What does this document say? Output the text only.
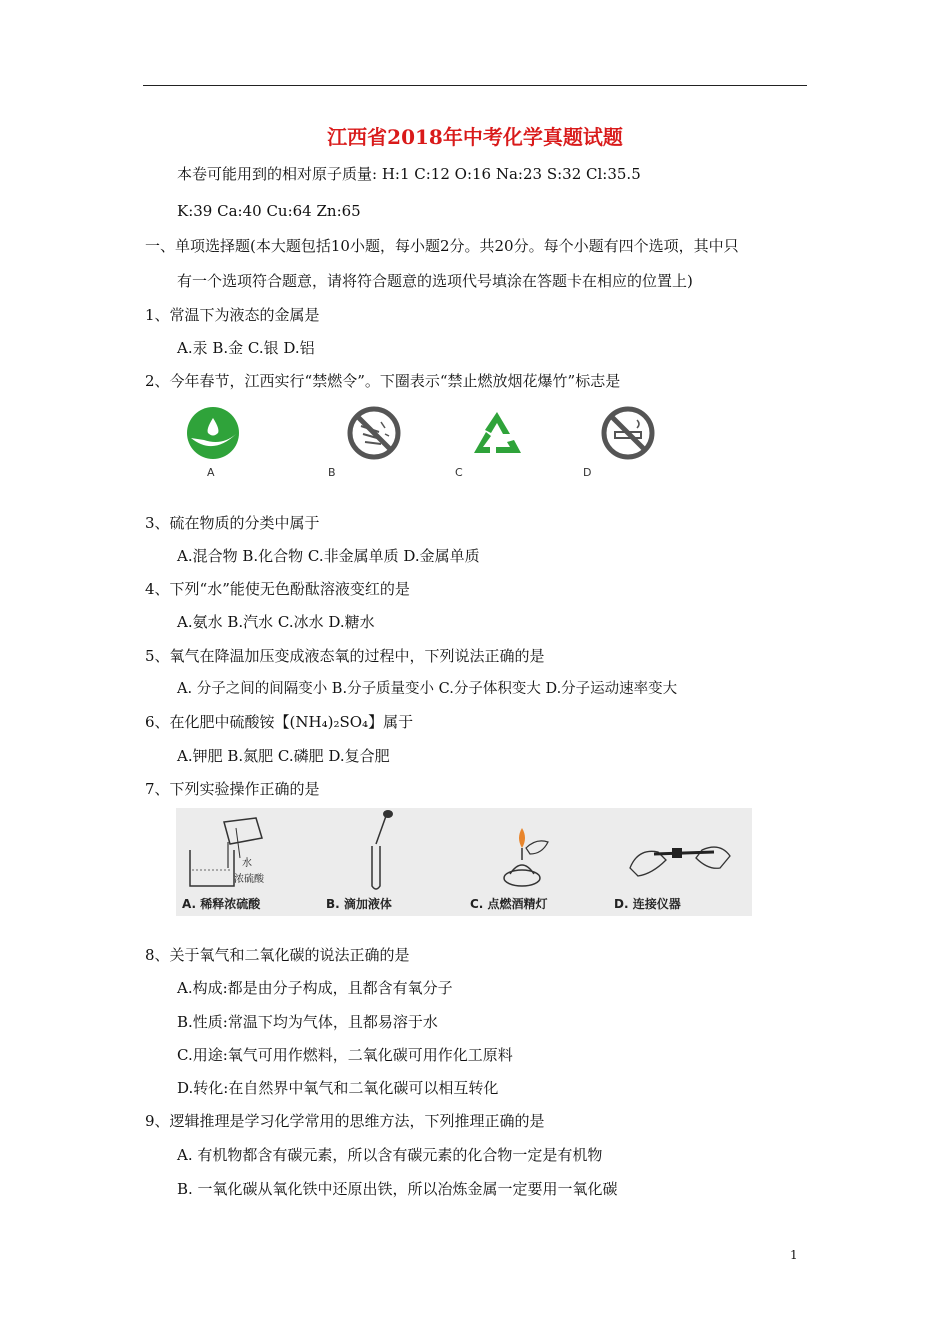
江西省2018年中考化学真题试题
本卷可能用到的相对原子质量: H:1 C:12 O:16 Na:23 S:32 Cl:35.5
K:39 Ca:40 Cu:64 Zn:65
一、单项选择题(本大题包括10小题，每小题2分。共20分。每个小题有四个选项，其中只
有一个选项符合题意，请将符合题意的选项代号填涂在答题卡在相应的位置上)
1、常温下为液态的金属是
A.汞 B.金 C.银 D.铝
2、今年春节，江西实行“禁燃令”。下圈表示“禁止燃放烟花爆竹”标志是
A	B	C	D
3、硫在物质的分类中属于
A.混合物 B.化合物 C.非金属单质 D.金属单质
4、下列“水”能使无色酚酞溶液变红的是
A.氨水 B.汽水 C.冰水 D.糖水
5、氧气在降温加压变成液态氧的过程中，下列说法正确的是
A. 分子之间的间隔变小 B.分子质量变小 C.分子体积变大 D.分子运动速率变大
6、在化肥中硫酸铵【(NH₄)₂SO₄】属于
A.钾肥 B.氮肥 C.磷肥 D.复合肥
7、下列实验操作正确的是
水
浓硫酸
A. 稀释浓硫酸	B. 滴加液体	C. 点燃酒精灯	D. 连接仪器
8、关于氧气和二氧化碳的说法正确的是
A.构成:都是由分子构成，且都含有氧分子
B.性质:常温下均为气体，且都易溶于水
C.用途:氧气可用作燃料，二氧化碳可用作化工原料
D.转化:在自然界中氧气和二氧化碳可以相互转化
9、逻辑推理是学习化学常用的思维方法，下列推理正确的是
A. 有机物都含有碳元素，所以含有碳元素的化合物一定是有机物
B. 一氧化碳从氧化铁中还原出铁，所以冶炼金属一定要用一氧化碳
1
